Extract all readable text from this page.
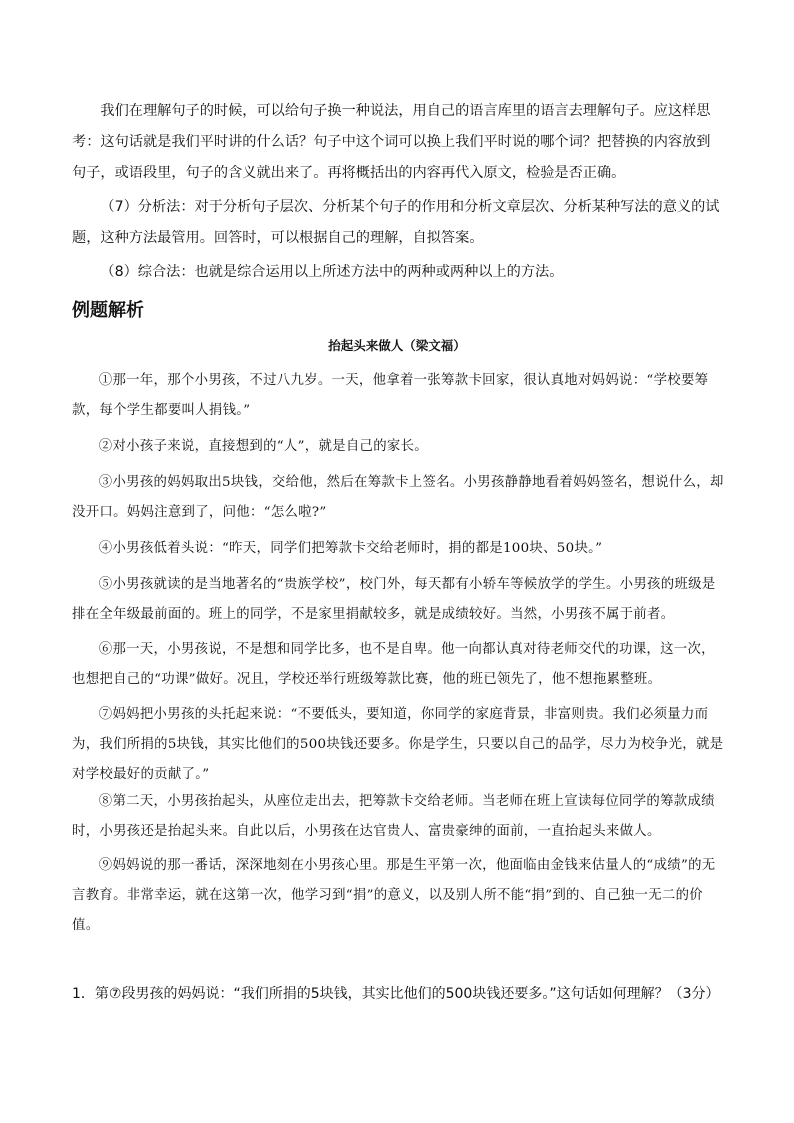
我们在理解句子的时候，可以给句子换一种说法，用自己的语言库里的语言去理解句子。应这样思考：这句话就是我们平时讲的什么话？句子中这个词可以换上我们平时说的哪个词？把替换的内容放到句子，或语段里，句子的含义就出来了。再将概括出的内容再代入原文，检验是否正确。

（7）分析法：对于分析句子层次、分析某个句子的作用和分析文章层次、分析某种写法的意义的试题，这种方法最管用。回答时，可以根据自己的理解，自拟答案。

（8）综合法：也就是综合运用以上所述方法中的两种或两种以上的方法。

例题解析
抬起头来做人（梁文福）

①那一年，那个小男孩，不过八九岁。一天，他拿着一张筹款卡回家，很认真地对妈妈说：“学校要筹款，每个学生都要叫人捐钱。”

②对小孩子来说，直接想到的“人”，就是自己的家长。

③小男孩的妈妈取出5块钱，交给他，然后在筹款卡上签名。小男孩静静地看着妈妈签名，想说什么，却没开口。妈妈注意到了，问他：“怎么啦?”

④小男孩低着头说：“昨天，同学们把筹款卡交给老师时，捐的都是100块、50块。”

⑤小男孩就读的是当地著名的“贵族学校”，校门外，每天都有小轿车等候放学的学生。小男孩的班级是排在全年级最前面的。班上的同学，不是家里捐献较多，就是成绩较好。当然，小男孩不属于前者。

⑥那一天，小男孩说，不是想和同学比多，也不是自卑。他一向都认真对待老师交代的功课，这一次，也想把自己的“功课”做好。况且，学校还举行班级筹款比赛，他的班已领先了，他不想拖累整班。

⑦妈妈把小男孩的头托起来说：“不要低头，要知道，你同学的家庭背景，非富则贵。我们必须量力而为，我们所捐的5块钱，其实比他们的500块钱还要多。你是学生，只要以自己的品学，尽力为校争光，就是对学校最好的贡献了。”

⑧第二天，小男孩抬起头，从座位走出去，把筹款卡交给老师。当老师在班上宣读每位同学的筹款成绩时，小男孩还是抬起头来。自此以后，小男孩在达官贵人、富贵豪绅的面前，一直抬起头来做人。

⑨妈妈说的那一番话，深深地刻在小男孩心里。那是生平第一次，他面临由金钱来估量人的“成绩”的无言教育。非常幸运，就在这第一次，他学习到“捐”的意义，以及别人所不能“捐”到的、自己独一无二的价值。

1．第⑦段男孩的妈妈说：“我们所捐的5块钱，其实比他们的500块钱还要多。”这句话如何理解？（3分）
